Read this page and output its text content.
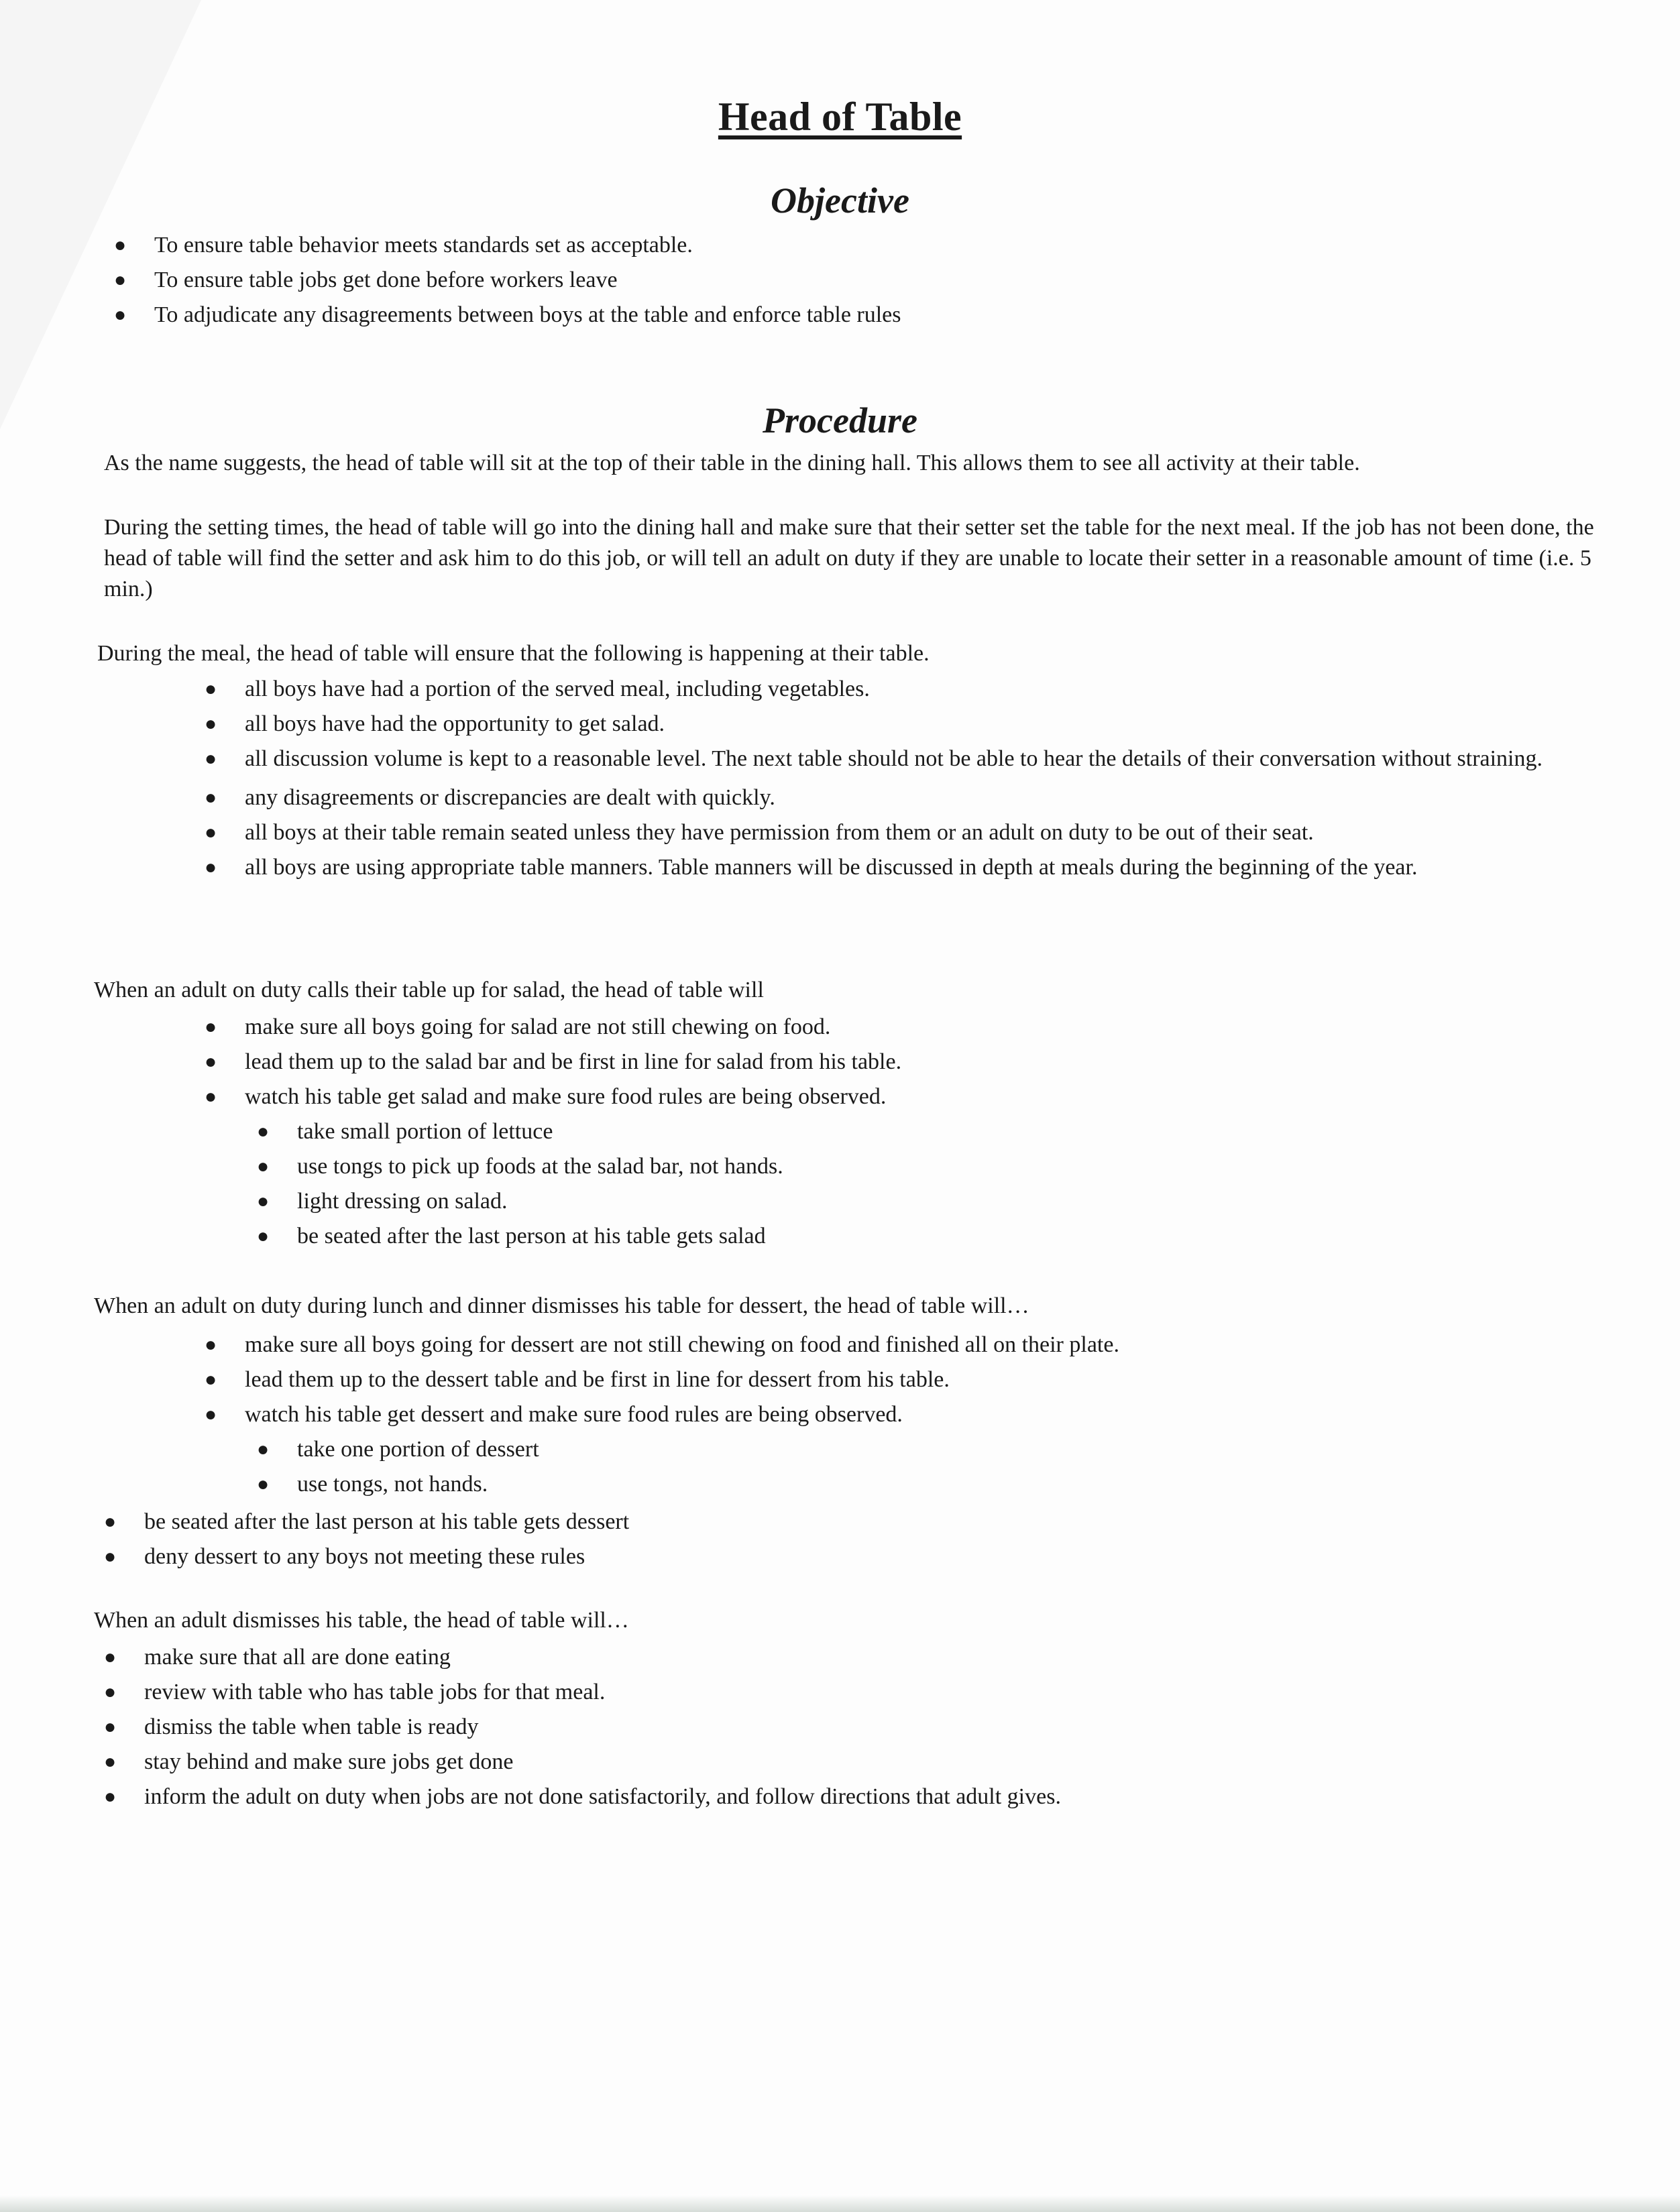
Head of Table
Objective
● To ensure table behavior meets standards set as acceptable.
● To ensure table jobs get done before workers leave
● To adjudicate any disagreements between boys at the table and enforce table rules
Procedure

As the name suggests, the head of table will sit at the top of their table in the dining hall. This allows them to see all activity at their table.

During the setting times, the head of table will go into the dining hall and make sure that their setter set the table for the next meal. If the job has not been done, the head of table will find the setter and ask him to do this job, or will tell an adult on duty if they are unable to locate their setter in a reasonable amount of time (i.e. 5 min.)

During the meal, the head of table will ensure that the following is happening at their table.

● all boys have had a portion of the served meal, including vegetables.
● all boys have had the opportunity to get salad.
● all discussion volume is kept to a reasonable level. The next table should not be able to hear the details of their conversation without straining.
● any disagreements or discrepancies are dealt with quickly.
● all boys at their table remain seated unless they have permission from them or an adult on duty to be out of their seat.
● all boys are using appropriate table manners. Table manners will be discussed in depth at meals during the beginning of the year.

When an adult on duty calls their table up for salad, the head of table will

● make sure all boys going for salad are not still chewing on food.
● lead them up to the salad bar and be first in line for salad from his table.
● watch his table get salad and make sure food rules are being observed.
● take small portion of lettuce
● use tongs to pick up foods at the salad bar, not hands.
● light dressing on salad.
● be seated after the last person at his table gets salad

When an adult on duty during lunch and dinner dismisses his table for dessert, the head of table will…

● make sure all boys going for dessert are not still chewing on food and finished all on their plate.
● lead them up to the dessert table and be first in line for dessert from his table.
● watch his table get dessert and make sure food rules are being observed.
● take one portion of dessert
● use tongs, not hands.
● be seated after the last person at his table gets dessert
● deny dessert to any boys not meeting these rules

When an adult dismisses his table, the head of table will…

● make sure that all are done eating
● review with table who has table jobs for that meal.
● dismiss the table when table is ready
● stay behind and make sure jobs get done
● inform the adult on duty when jobs are not done satisfactorily, and follow directions that adult gives.
